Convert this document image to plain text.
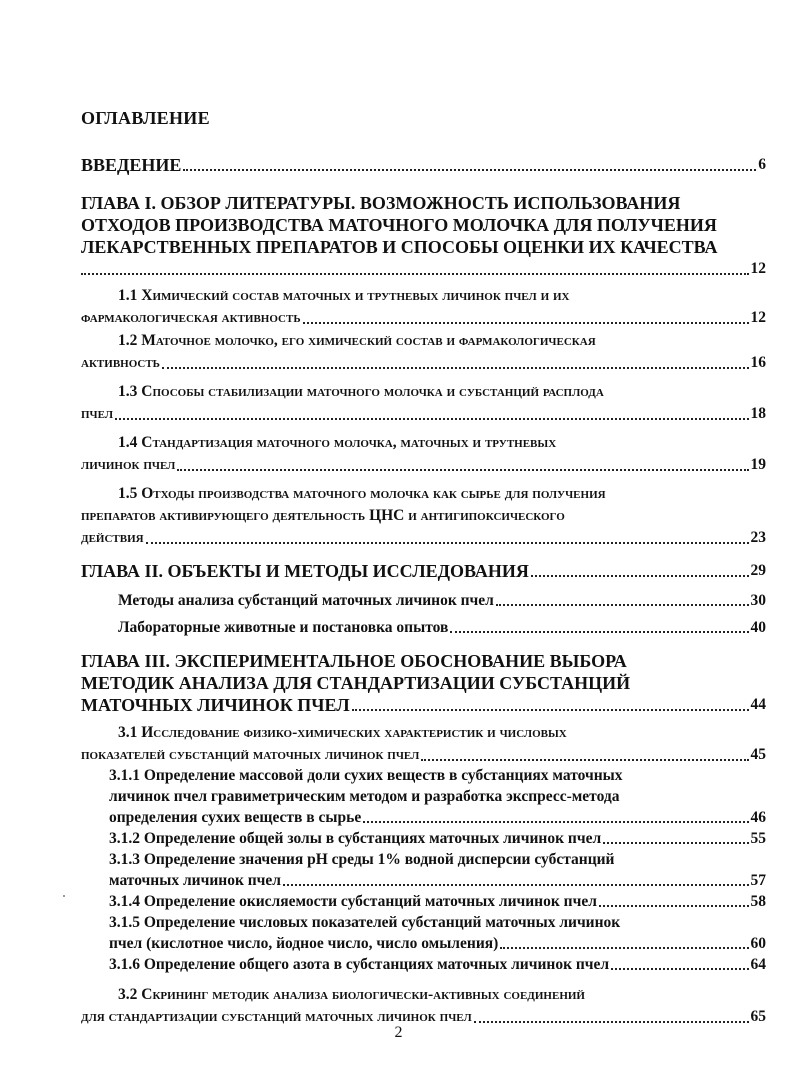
ОГЛАВЛЕНИЕ
ВВЕДЕНИЕ	6
ГЛАВА I. ОБЗОР ЛИТЕРАТУРЫ. ВОЗМОЖНОСТЬ ИСПОЛЬЗОВАНИЯ
ОТХОДОВ ПРОИЗВОДСТВА МАТОЧНОГО МОЛОЧКА ДЛЯ ПОЛУЧЕНИЯ
ЛЕКАРСТВЕННЫХ ПРЕПАРАТОВ И СПОСОБЫ ОЦЕНКИ ИХ КАЧЕСТВА
12
1.1 Химический состав маточных и трутневых личинок пчел и их
фармакологическая активность	12
1.2 Маточное молочко, его химический состав и фармакологическая
активность	16
1.3 Способы стабилизации маточного молочка и субстанций расплода
пчел	18
1.4 Стандартизация маточного молочка, маточных и трутневых
личинок пчел	19
1.5 Отходы производства маточного молочка как сырье для получения
препаратов активирующего деятельность ЦНС и антигипоксического
действия	23
ГЛАВА II. ОБЪЕКТЫ И МЕТОДЫ ИССЛЕДОВАНИЯ	29
Методы анализа субстанций маточных личинок пчел	30
Лабораторные животные и постановка опытов	40
ГЛАВА III. ЭКСПЕРИМЕНТАЛЬНОЕ ОБОСНОВАНИЕ ВЫБОРА
МЕТОДИК АНАЛИЗА ДЛЯ СТАНДАРТИЗАЦИИ СУБСТАНЦИЙ
МАТОЧНЫХ ЛИЧИНОК ПЧЕЛ	44
3.1 Исследование физико-химических характеристик и числовых
показателей субстанций маточных личинок пчел	45
3.1.1 Определение массовой доли сухих веществ в субстанциях маточных
личинок пчел гравиметрическим методом и разработка экспресс-метода
определения сухих веществ в сырье	46
3.1.2 Определение общей золы в субстанциях маточных личинок пчел	55
3.1.3 Определение значения рН среды 1% водной дисперсии субстанций
маточных личинок пчел	57
3.1.4 Определение окисляемости субстанций маточных личинок пчел	58
3.1.5 Определение числовых показателей субстанций маточных личинок
пчел (кислотное число, йодное число, число омыления)	60
3.1.6 Определение общего азота в субстанциях маточных личинок пчел	64
3.2 Скрининг методик анализа биологически-активных соединений
для стандартизации субстанций маточных личинок пчел	65
2
